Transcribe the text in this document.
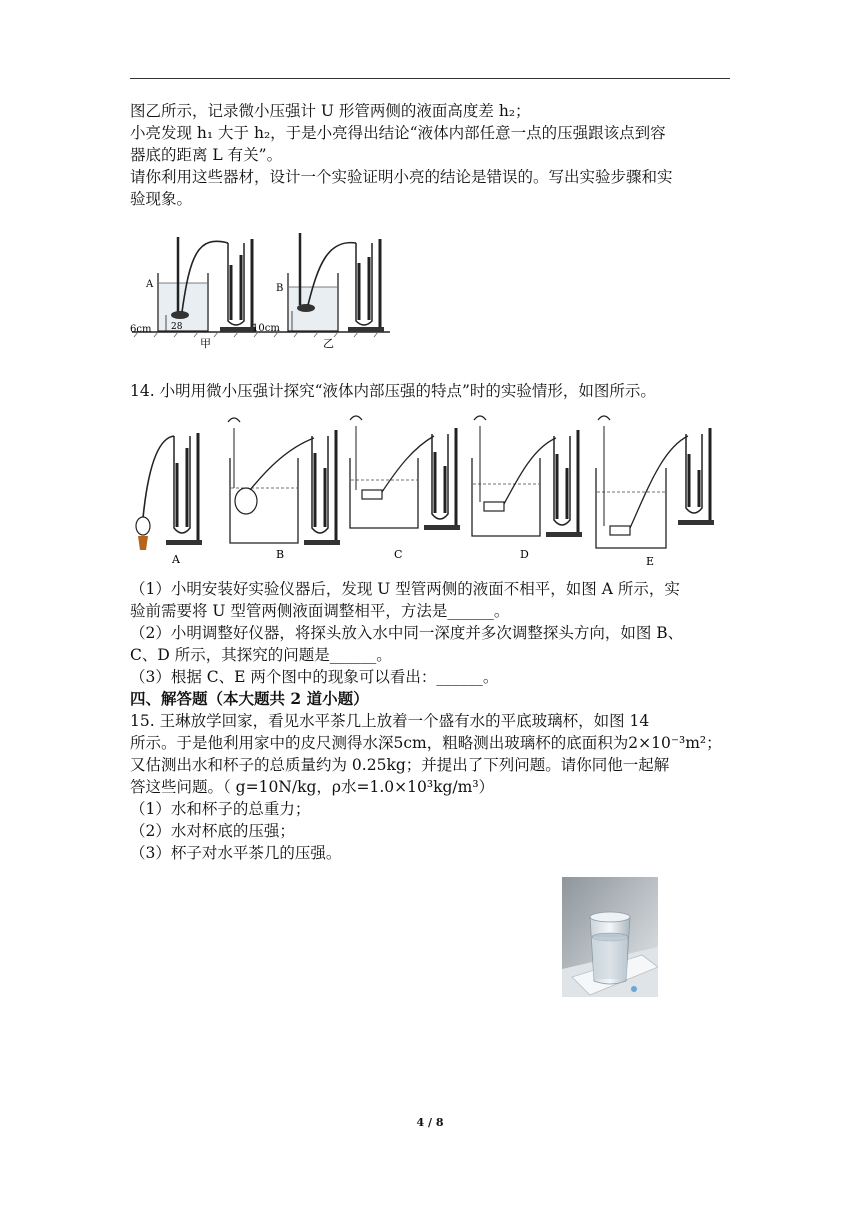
图乙所示，记录微小压强计 U 形管两侧的液面高度差 h₂；

小亮发现 h₁ 大于 h₂，于是小亮得出结论“液体内部任意一点的压强跟该点到容

器底的距离 L 有关”。

请你利用这些器材，设计一个实验证明小亮的结论是错误的。写出实验步骤和实

验现象。

A
6cm 28
甲
B
10cm
乙

14. 小明用微小压强计探究“液体内部压强的特点”时的实验情形，如图所示。

A	B	C	D
E

（1）小明安装好实验仪器后，发现 U 型管两侧的液面不相平，如图 A 所示，实

验前需要将 U 型管两侧液面调整相平，方法是______。

（2）小明调整好仪器，将探头放入水中同一深度并多次调整探头方向，如图 B、

C、D 所示，其探究的问题是______。

（3）根据 C、E 两个图中的现象可以看出：______。

四、解答题（本大题共 2 道小题）

15. 王琳放学回家，看见水平茶几上放着一个盛有水的平底玻璃杯，如图 14

所示。于是他利用家中的皮尺测得水深5cm，粗略测出玻璃杯的底面积为2×10⁻³m²；

又估测出水和杯子的总质量约为 0.25kg；并提出了下列问题。请你同他一起解

答这些问题。（ g=10N/kg，ρ水=1.0×10³kg/m³）

（1）水和杯子的总重力；

（2）水对杯底的压强；

（3）杯子对水平茶几的压强。

4 / 8
